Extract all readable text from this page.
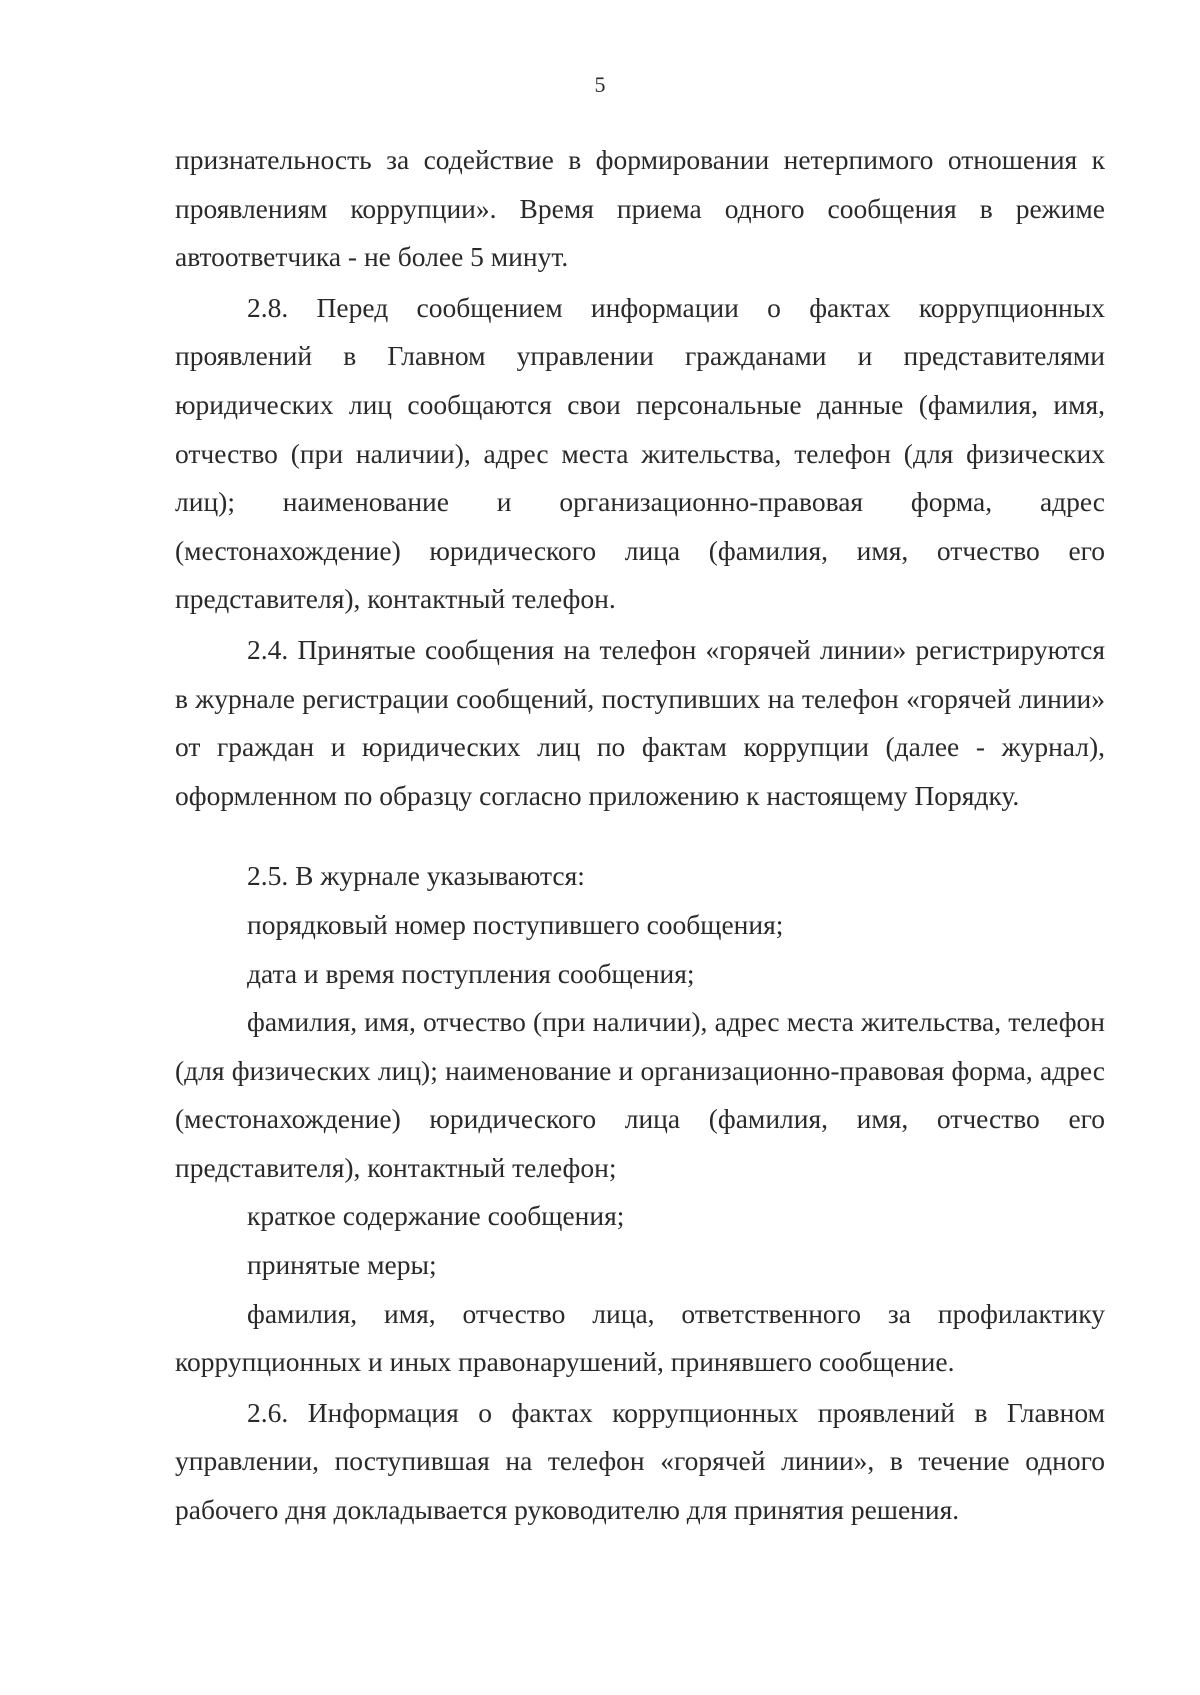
5

признательность за содействие в формировании нетерпимого отношения к проявлениям коррупции». Время приема одного сообщения в режиме автоответчика - не более 5 минут.

2.8. Перед сообщением информации о фактах коррупционных проявлений в Главном управлении гражданами и представителями юридических лиц сообщаются свои персональные данные (фамилия, имя, отчество (при наличии), адрес места жительства, телефон (для физических лиц); наименование и организационно-правовая форма, адрес (местонахождение) юридического лица (фамилия, имя, отчество его представителя), контактный телефон.

2.4. Принятые сообщения на телефон «горячей линии» регистрируются в журнале регистрации сообщений, поступивших на телефон «горячей линии» от граждан и юридических лиц по фактам коррупции (далее - журнал), оформленном по образцу согласно приложению к настоящему Порядку.

2.5. В журнале указываются:

порядковый номер поступившего сообщения;

дата и время поступления сообщения;

фамилия, имя, отчество (при наличии), адрес места жительства, телефон (для физических лиц); наименование и организационно-правовая форма, адрес (местонахождение) юридического лица (фамилия, имя, отчество его представителя), контактный телефон;

краткое содержание сообщения;

принятые меры;

фамилия, имя, отчество лица, ответственного за профилактику коррупционных и иных правонарушений, принявшего сообщение.

2.6. Информация о фактах коррупционных проявлений в Главном управлении, поступившая на телефон «горячей линии», в течение одного рабочего дня докладывается руководителю для принятия решения.
